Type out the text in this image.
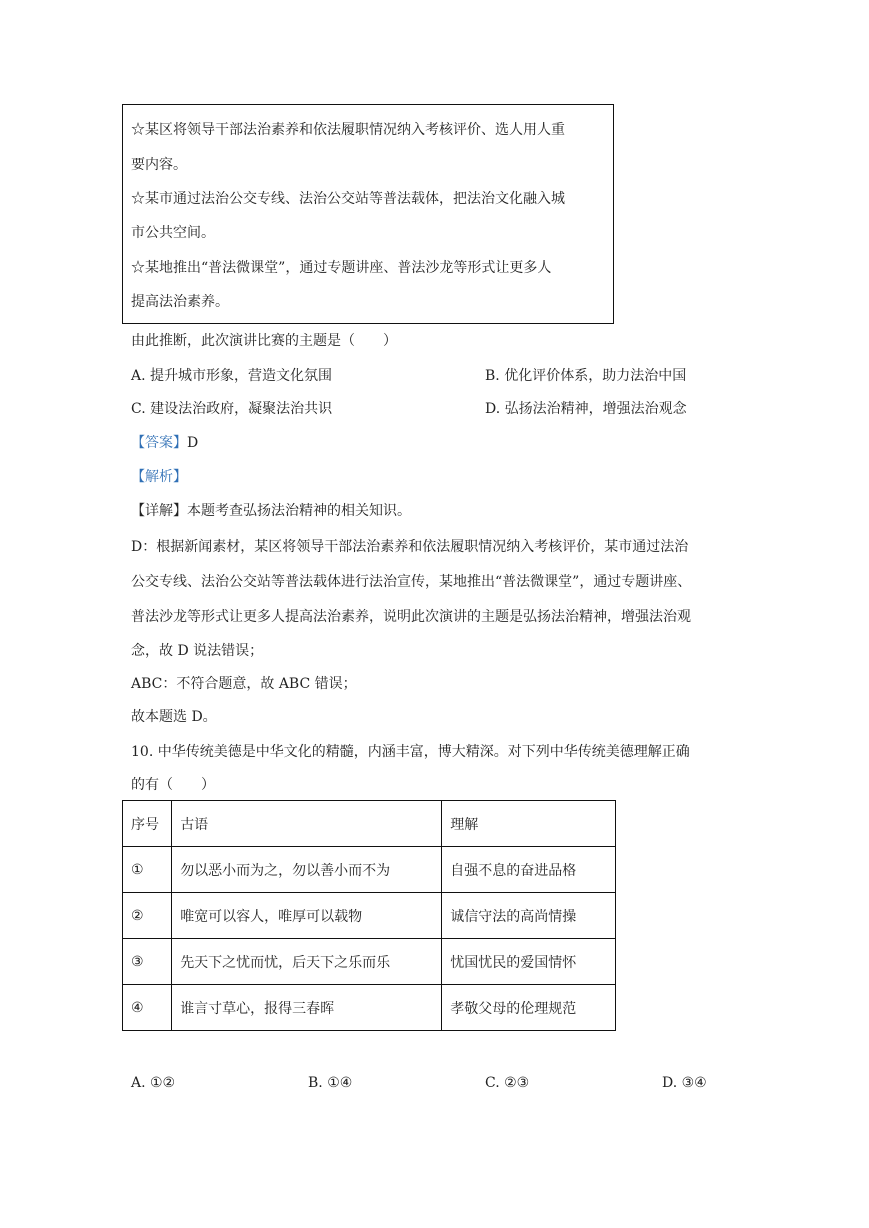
☆某区将领导干部法治素养和依法履职情况纳入考核评价、选人用人重
要内容。
☆某市通过法治公交专线、法治公交站等普法载体，把法治文化融入城
市公共空间。
☆某地推出“普法微课堂”，通过专题讲座、普法沙龙等形式让更多人
提高法治素养。
由此推断，此次演讲比赛的主题是（　　）
A. 提升城市形象，营造文化氛围	B. 优化评价体系，助力法治中国
C. 建设法治政府，凝聚法治共识	D. 弘扬法治精神，增强法治观念
【答案】D
【解析】
【详解】本题考查弘扬法治精神的相关知识。
D：根据新闻素材，某区将领导干部法治素养和依法履职情况纳入考核评价，某市通过法治
公交专线、法治公交站等普法载体进行法治宣传，某地推出“普法微课堂”，通过专题讲座、
普法沙龙等形式让更多人提高法治素养，说明此次演讲的主题是弘扬法治精神，增强法治观
念，故 D 说法错误；
ABC：不符合题意，故 ABC 错误；
故本题选 D。
10. 中华传统美德是中华文化的精髓，内涵丰富，博大精深。对下列中华传统美德理解正确
的有（　　）
序号	古语	理解
①	勿以恶小而为之，勿以善小而不为	自强不息的奋进品格
②	唯宽可以容人，唯厚可以载物	诚信守法的高尚情操
③	先天下之忧而忧，后天下之乐而乐	忧国忧民的爱国情怀
④	谁言寸草心，报得三春晖	孝敬父母的伦理规范
A. ①②	B. ①④	C. ②③	D. ③④
